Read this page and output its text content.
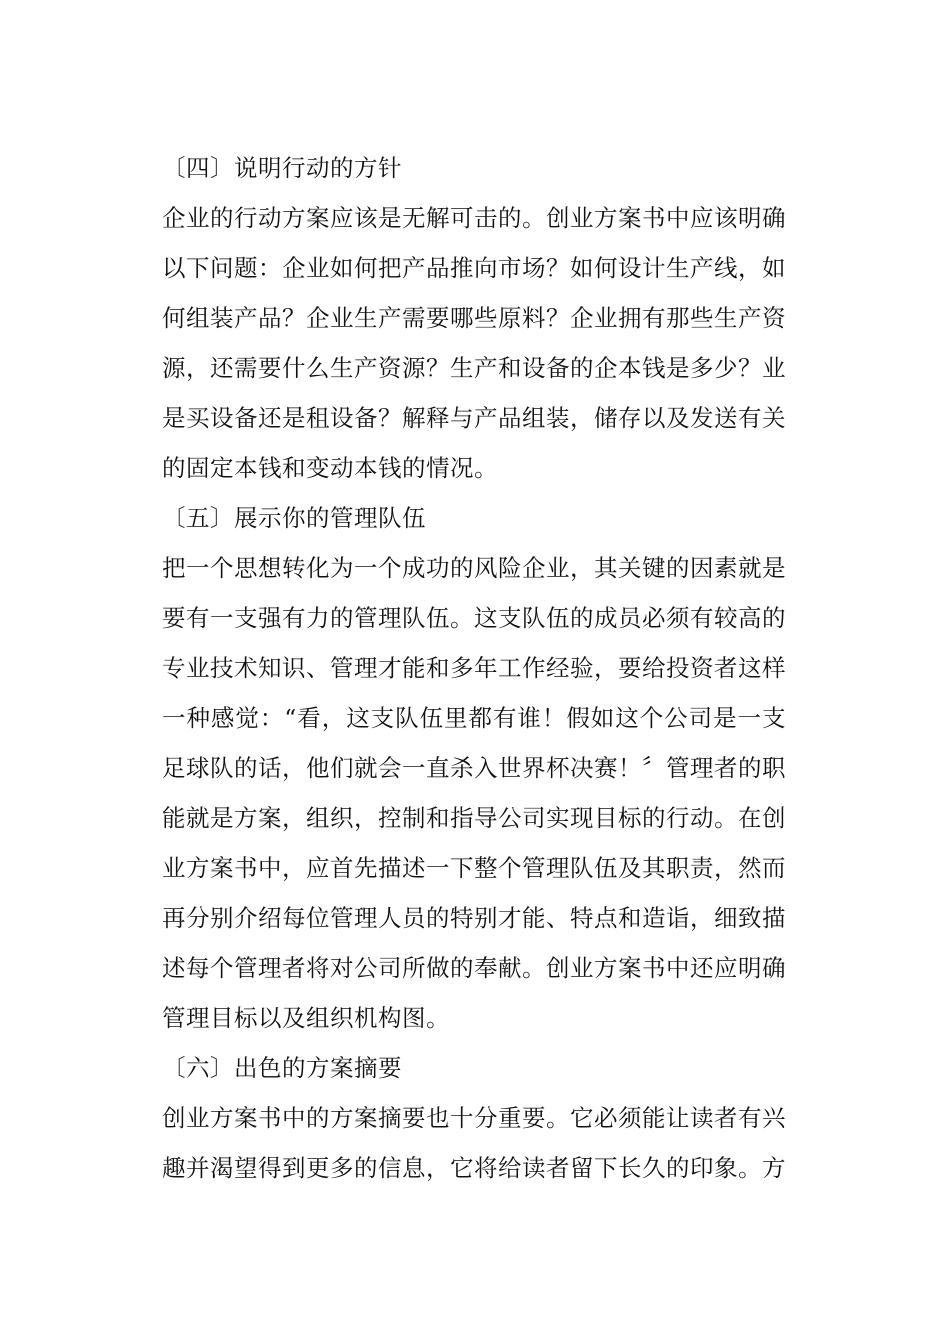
〔四〕说明行动的方针

企业的行动方案应该是无解可击的。创业方案书中应该明确以下问题：企业如何把产品推向市场？如何设计生产线，如何组装产品？企业生产需要哪些原料？企业拥有那些生产资源，还需要什么生产资源？生产和设备的企本钱是多少？业是买设备还是租设备？解释与产品组装，储存以及发送有关的固定本钱和变动本钱的情况。

〔五〕展示你的管理队伍

把一个思想转化为一个成功的风险企业，其关键的因素就是要有一支强有力的管理队伍。这支队伍的成员必须有较高的专业技术知识、管理才能和多年工作经验，要给投资者这样一种感觉：“看，这支队伍里都有谁！假如这个公司是一支足球队的话，他们就会一直杀入世界杯决赛！〞管理者的职能就是方案，组织，控制和指导公司实现目标的行动。在创业方案书中，应首先描述一下整个管理队伍及其职责，然而再分别介绍每位管理人员的特别才能、特点和造诣，细致描述每个管理者将对公司所做的奉献。创业方案书中还应明确管理目标以及组织机构图。

〔六〕出色的方案摘要

创业方案书中的方案摘要也十分重要。它必须能让读者有兴趣并渴望得到更多的信息，它将给读者留下长久的印象。方
